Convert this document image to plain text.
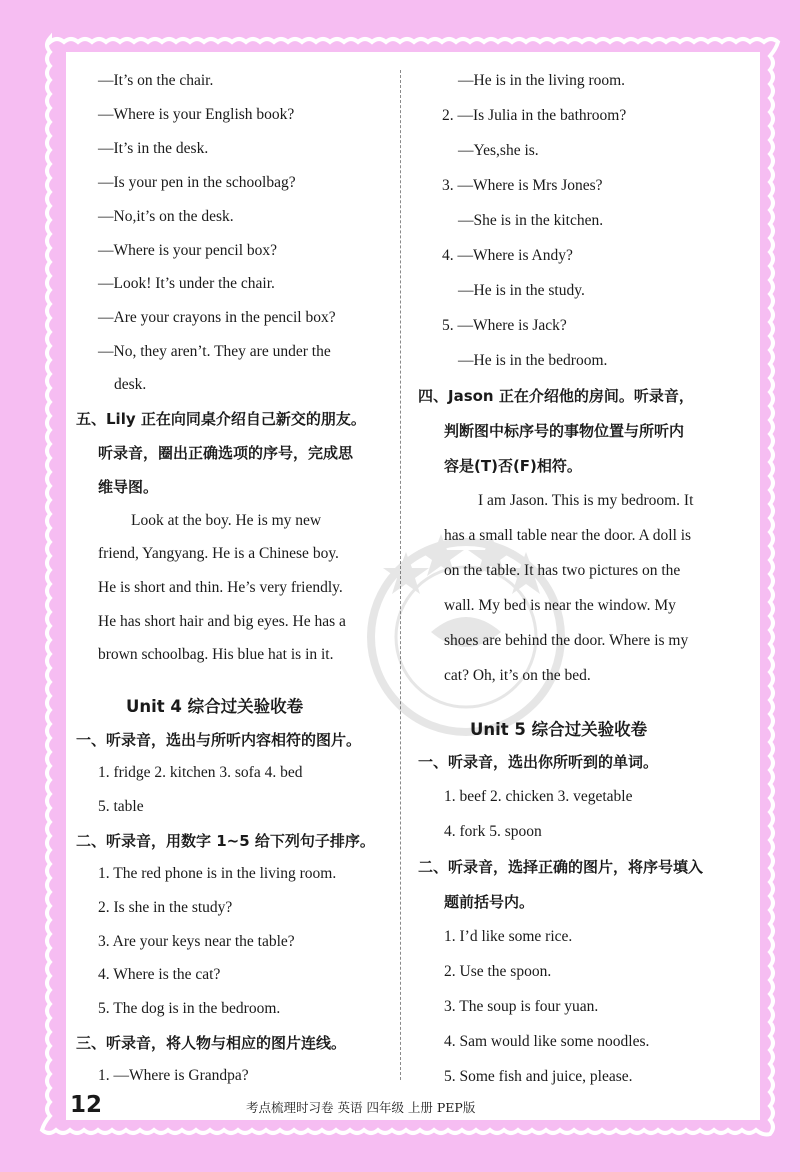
—It’s on the chair.
—Where is your English book?
—It’s in the desk.
—Is your pen in the schoolbag?
—No,it’s on the desk.
—Where is your pencil box?
—Look! It’s under the chair.
—Are your crayons in the pencil box?
—No, they aren’t. They are under the
desk.
五、Lily 正在向同桌介绍自己新交的朋友。
听录音，圈出正确选项的序号，完成思
维导图。
Look at the boy. He is my new
friend, Yangyang. He is a Chinese boy.
He is short and thin. He’s very friendly.
He has short hair and big eyes. He has a
brown schoolbag. His blue hat is in it.
Unit 4 综合过关验收卷
一、听录音，选出与所听内容相符的图片。
1. fridge 2. kitchen 3. sofa 4. bed
5. table
二、听录音，用数字 1~5 给下列句子排序。
1. The red phone is in the living room.
2. Is she in the study?
3. Are your keys near the table?
4. Where is the cat?
5. The dog is in the bedroom.
三、听录音，将人物与相应的图片连线。
1. —Where is Grandpa?
—He is in the living room.
2. —Is Julia in the bathroom?
—Yes,she is.
3. —Where is Mrs Jones?
—She is in the kitchen.
4. —Where is Andy?
—He is in the study.
5. —Where is Jack?
—He is in the bedroom.
四、Jason 正在介绍他的房间。听录音，
判断图中标序号的事物位置与所听内
容是(T)否(F)相符。
I am Jason. This is my bedroom. It
has a small table near the door. A doll is
on the table. It has two pictures on the
wall. My bed is near the window. My
shoes are behind the door. Where is my
cat? Oh, it’s on the bed.
Unit 5 综合过关验收卷
一、听录音，选出你所听到的单词。
1. beef 2. chicken 3. vegetable
4. fork 5. spoon
二、听录音，选择正确的图片，将序号填入
题前括号内。
1. I’d like some rice.
2. Use the spoon.
3. The soup is four yuan.
4. Sam would like some noodles.
5. Some fish and juice, please.
12	考点梳理时习卷 英语 四年级 上册 PEP版
